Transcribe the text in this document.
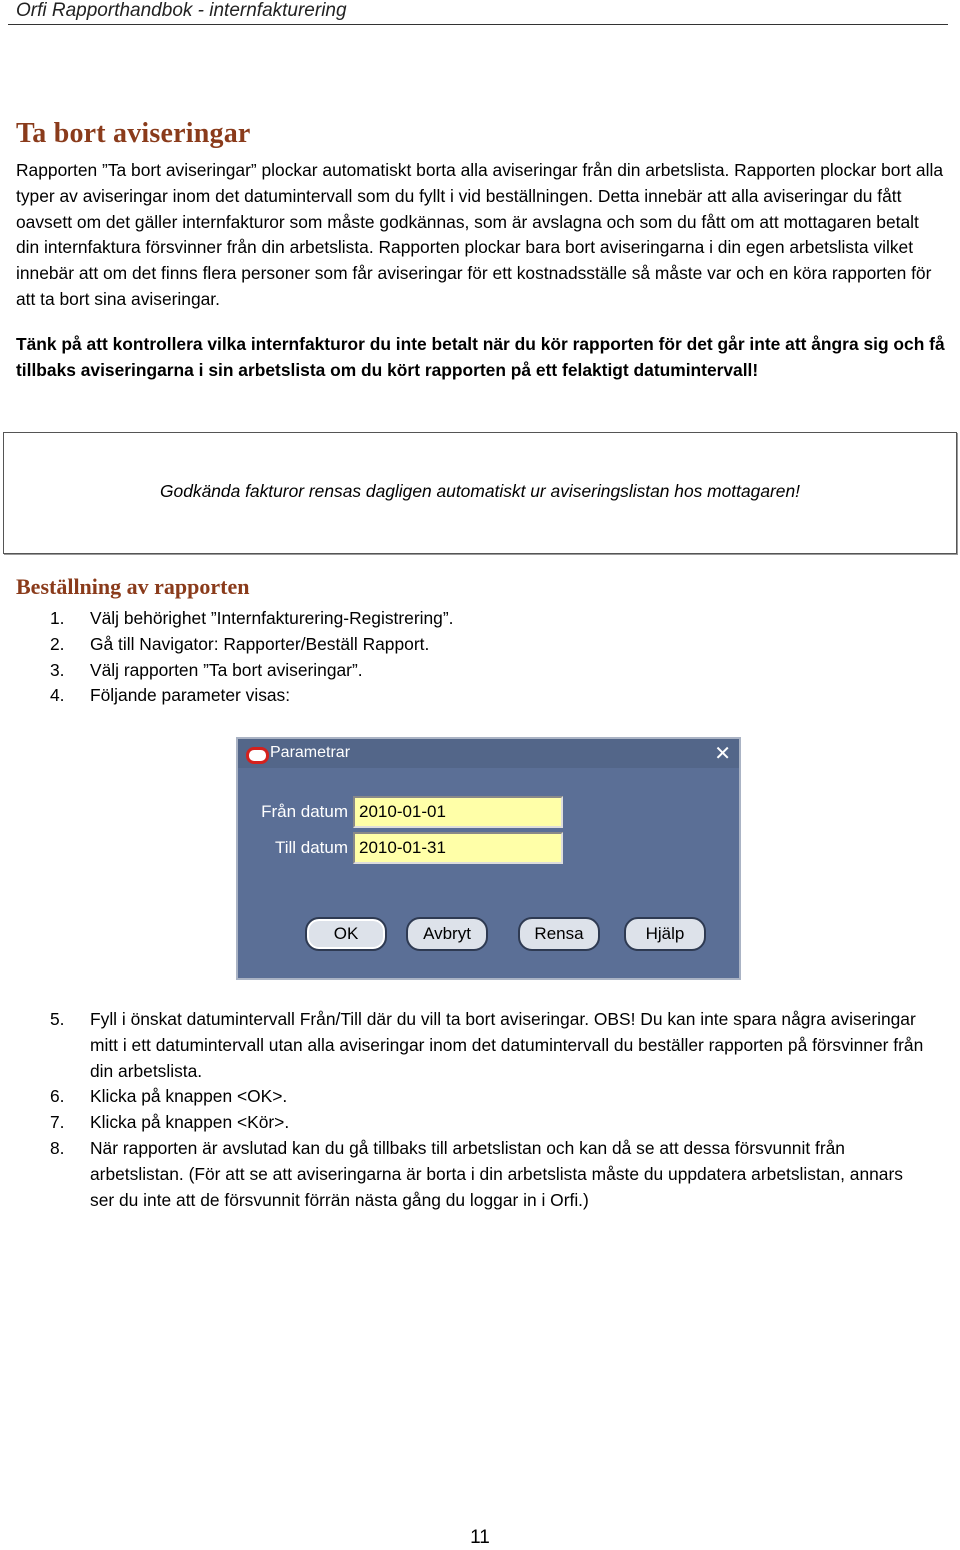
Orfi Rapporthandbok - internfakturering
Ta bort aviseringar
Rapporten ”Ta bort aviseringar” plockar automatiskt borta alla aviseringar från din arbetslista. Rapporten plockar bort alla typer av aviseringar inom det datumintervall som du fyllt i vid beställningen. Detta innebär att alla aviseringar du fått oavsett om det gäller internfakturor som måste godkännas, som är avslagna och som du fått om att mottagaren betalt din internfaktura försvinner från din arbetslista. Rapporten plockar bara bort aviseringarna i din egen arbetslista vilket innebär att om det finns flera personer som får aviseringar för ett kostnadsställe så måste var och en köra rapporten för att ta bort sina aviseringar.
Tänk på att kontrollera vilka internfakturor du inte betalt när du kör rapporten för det går inte att ångra sig och få tillbaks aviseringarna i sin arbetslista om du kört rapporten på ett felaktigt datumintervall!
Godkända fakturor rensas dagligen automatiskt ur aviseringslistan hos mottagaren!
Beställning av rapporten
1. Välj behörighet ”Internfakturering-Registrering”.
2. Gå till Navigator: Rapporter/Beställ Rapport.
3. Välj rapporten ”Ta bort aviseringar”.
4. Följande parameter visas:
Parametrar	✕
Från datum 2010-01-01
Till datum 2010-01-31
OK	Avbryt	Rensa	Hjälp
5. Fyll i önskat datumintervall Från/Till där du vill ta bort aviseringar. OBS! Du kan inte spara några aviseringar mitt i ett datumintervall utan alla aviseringar inom det datumintervall du beställer rapporten på försvinner från din arbetslista.
6. Klicka på knappen <OK>.
7. Klicka på knappen <Kör>.
8. När rapporten är avslutad kan du gå tillbaks till arbetslistan och kan då se att dessa försvunnit från arbetslistan. (För att se att aviseringarna är borta i din arbetslista måste du uppdatera arbetslistan, annars ser du inte att de försvunnit förrän nästa gång du loggar in i Orfi.)
11
